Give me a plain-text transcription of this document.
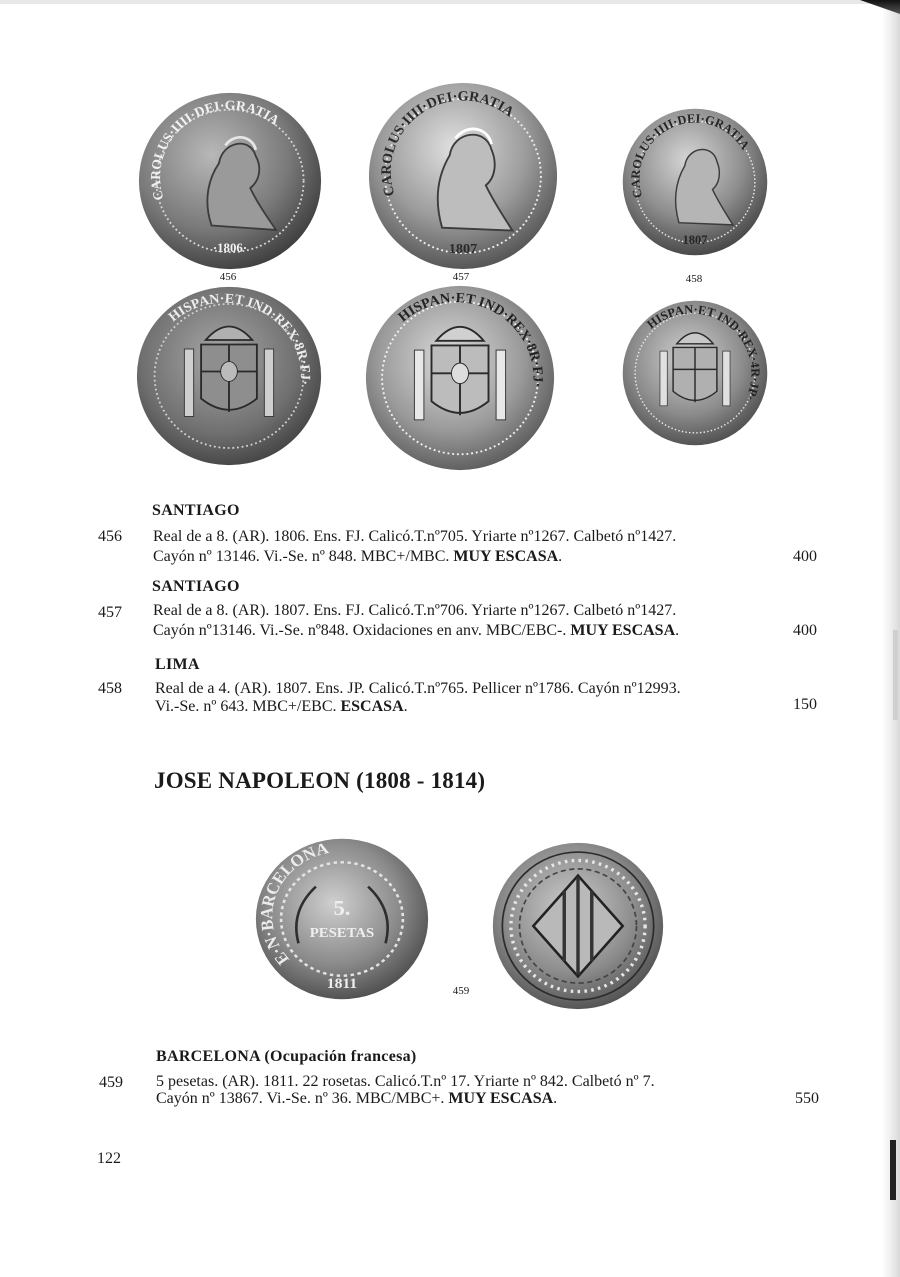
CAROLUS·IIII·DEI·GRATIA
·1806·
456
HISPAN·ET IND·REX·8R·FJ·
CAROLUS·IIII·DEI·GRATIA
1807
457
HISPAN·ET IND·REX·8R·FJ·
CAROLUS·IIII·DEI·GRATIA
1807
458
HISPAN·ET IND·REX·4R·JP·
SANTIAGO
456 Real de a 8. (AR). 1806. Ens. FJ. Calicó.T.nº705. Yriarte nº1267. Calbetó nº1427.
Cayón nº 13146. Vi.-Se. nº 848. MBC+/MBC. MUY ESCASA.	400
SANTIAGO
457 Real de a 8. (AR). 1807. Ens. FJ. Calicó.T.nº706. Yriarte nº1267. Calbetó nº1427.
Cayón nº13146. Vi.-Se. nº848. Oxidaciones en anv. MBC/EBC-. MUY ESCASA.	400
LIMA
458 Real de a 4. (AR). 1807. Ens. JP. Calicó.T.nº765. Pellicer nº1786. Cayón nº12993.
Vi.-Se. nº 643. MBC+/EBC. ESCASA.	150
JOSE NAPOLEON (1808 - 1814)
E·N·BARCELONA
5.
PESETAS
1811	459
BARCELONA (Ocupación francesa)
459 5 pesetas. (AR). 1811. 22 rosetas. Calicó.T.nº 17. Yriarte nº 842. Calbetó nº 7.
Cayón nº 13867. Vi.-Se. nº 36. MBC/MBC+. MUY ESCASA.	550
122
